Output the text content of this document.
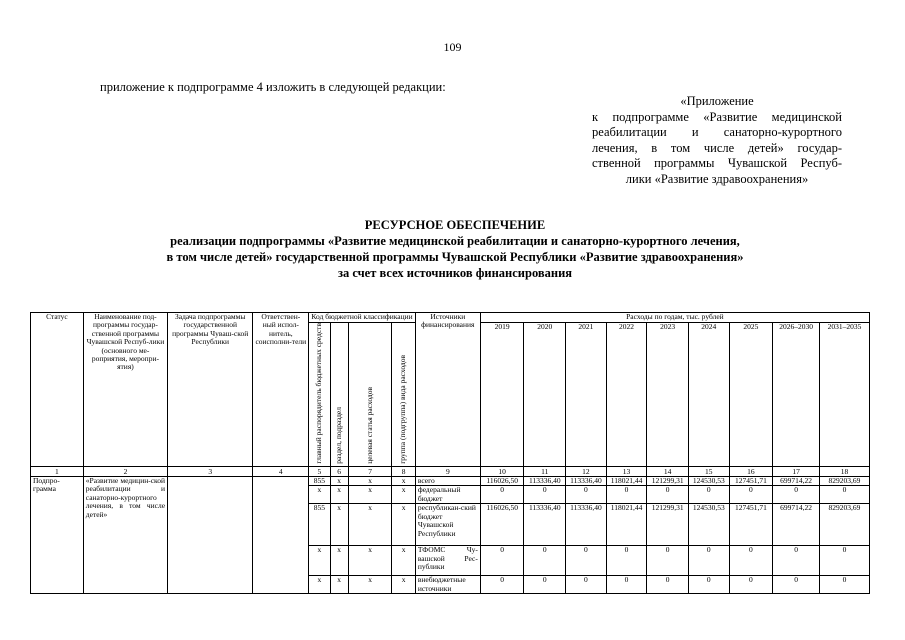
109
приложение к подпрограмме 4 изложить в следующей редакции:
«Приложение
к подпрограмме «Развитие медицинской
реабилитации и санаторно-курортного
лечения, в том числе детей» государ-
ственной программы Чувашской Респуб-
лики «Развитие здравоохранения»
РЕСУРСНОЕ ОБЕСПЕЧЕНИЕ
реализации подпрограммы «Развитие медицинской реабилитации и санаторно-курортного лечения,
в том числе детей» государственной программы Чувашской Республики «Развитие здравоохранения»
за счет всех источников финансирования
Статус	Наименование под-программы государ-ственной программы Чувашской Респуб-лики (основного ме-роприятия, меропри-ятия)	Задача подпрограммы государственной программы Чуваш-ской Республики	Ответствен-ный испол-нитель, соисполни-тели	Код бюджетной классификации				Источники финансирования	Расходы по годам, тыс. рублей								
				главный распорядитель бюджетных средств	раздел, подраздел	целевая статья расходов	группа (подгруппа) вида расходов		2019	2020	2021	2022	2023	2024	2025	2026–2030	2031–2035
1	2	3	4	5	6	7	8	9	10	11	12	13	14	15	16	17	18
Подпро-грамма	«Развитие медицин-ской реабилитации и санаторно-курортного лечения, в том числе детей»			855	x	x	x	всего	116026,50	113336,40	113336,40	118021,44	121299,31	124530,53	127451,71	699714,22	829203,69
				x	x	x	x	федеральный бюджет	0	0	0	0	0	0	0	0	0
				855	x	x	x	республикан-ский бюджет Чувашской Республики	116026,50	113336,40	113336,40	118021,44	121299,31	124530,53	127451,71	699714,22	829203,69
				x	x	x	x	ТФОМС Чу-вашской Рес-публики	0	0	0	0	0	0	0	0	0
				x	x	x	x	внебюджетные источники	0	0	0	0	0	0	0	0	0
